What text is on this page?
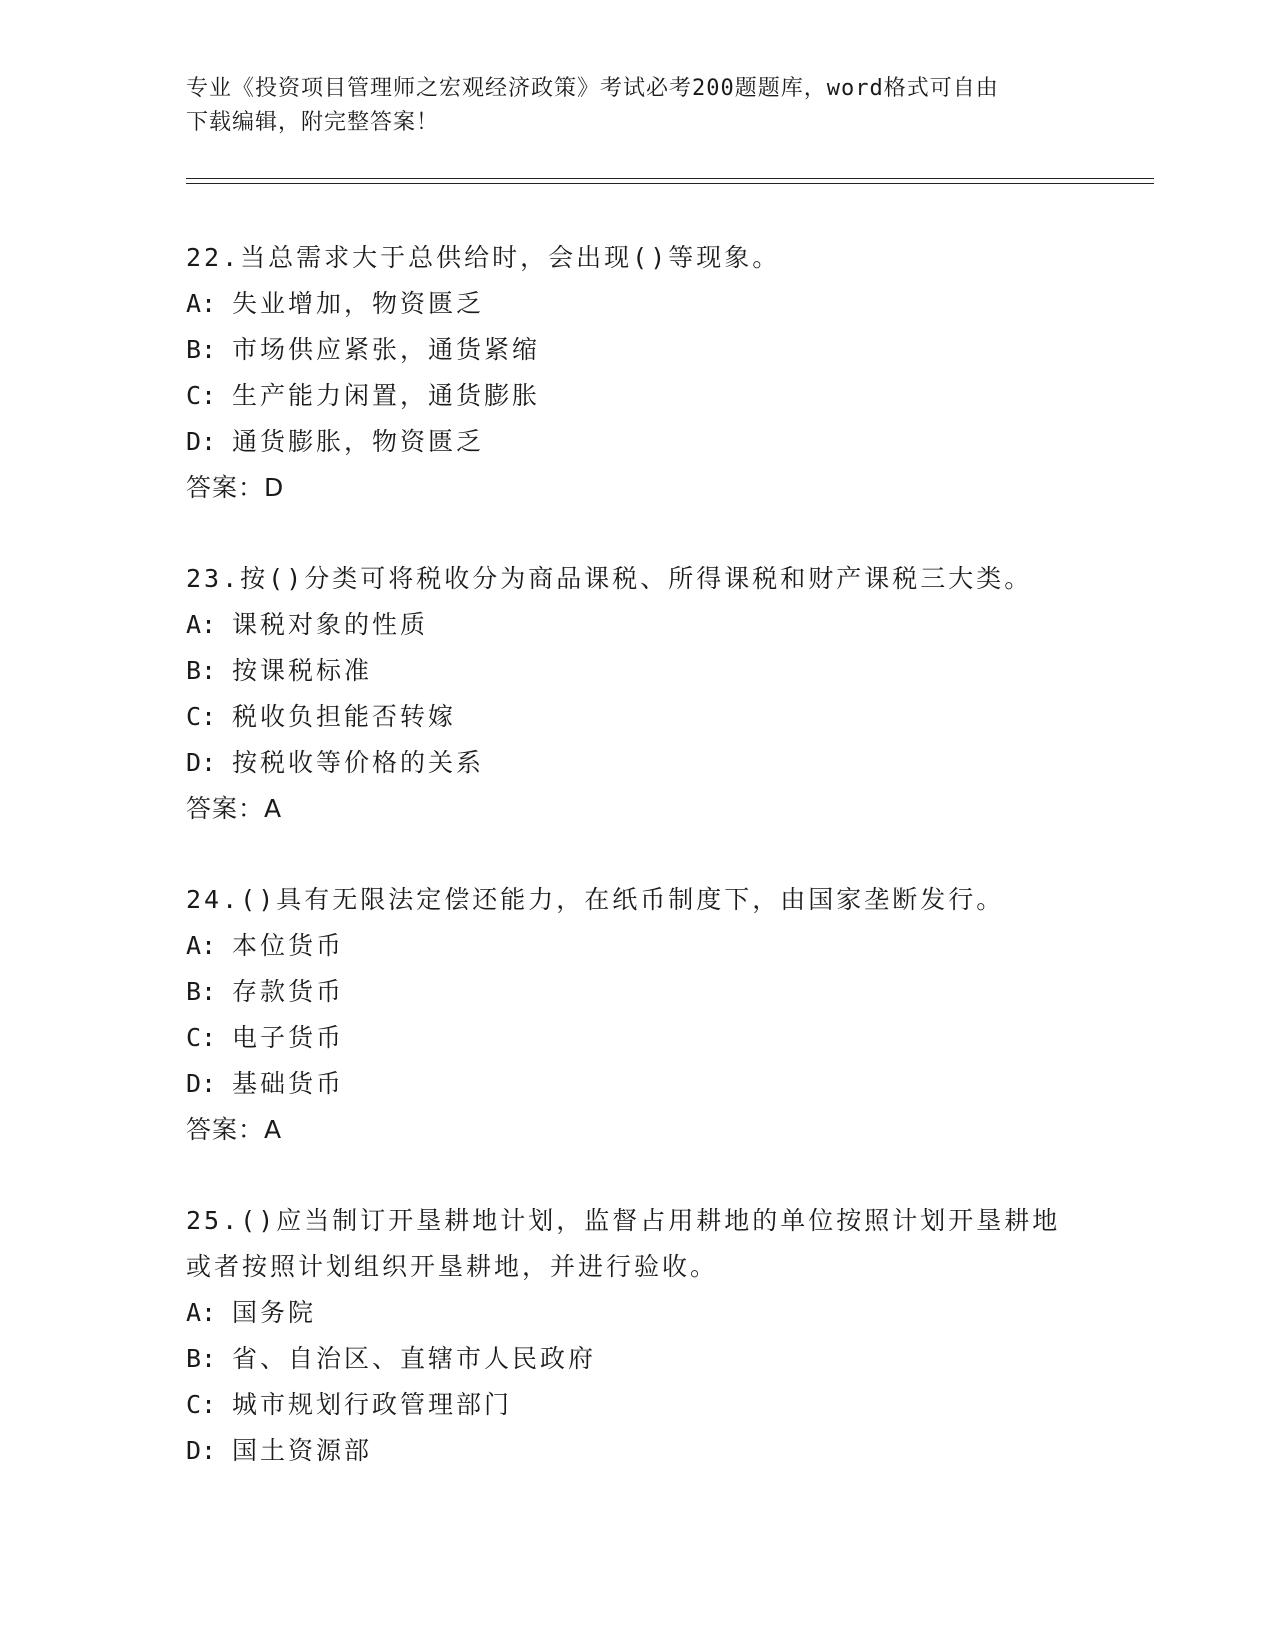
专业《投资项目管理师之宏观经济政策》考试必考200题题库，word格式可自由
下载编辑，附完整答案！
22.当总需求大于总供给时，会出现()等现象。
A: 失业增加，物资匮乏
B: 市场供应紧张，通货紧缩
C: 生产能力闲置，通货膨胀
D: 通货膨胀，物资匮乏
答案：D
23.按()分类可将税收分为商品课税、所得课税和财产课税三大类。
A: 课税对象的性质
B: 按课税标准
C: 税收负担能否转嫁
D: 按税收等价格的关系
答案：A
24.()具有无限法定偿还能力，在纸币制度下，由国家垄断发行。
A: 本位货币
B: 存款货币
C: 电子货币
D: 基础货币
答案：A
25.()应当制订开垦耕地计划，监督占用耕地的单位按照计划开垦耕地
或者按照计划组织开垦耕地，并进行验收。
A: 国务院
B: 省、自治区、直辖市人民政府
C: 城市规划行政管理部门
D: 国土资源部
